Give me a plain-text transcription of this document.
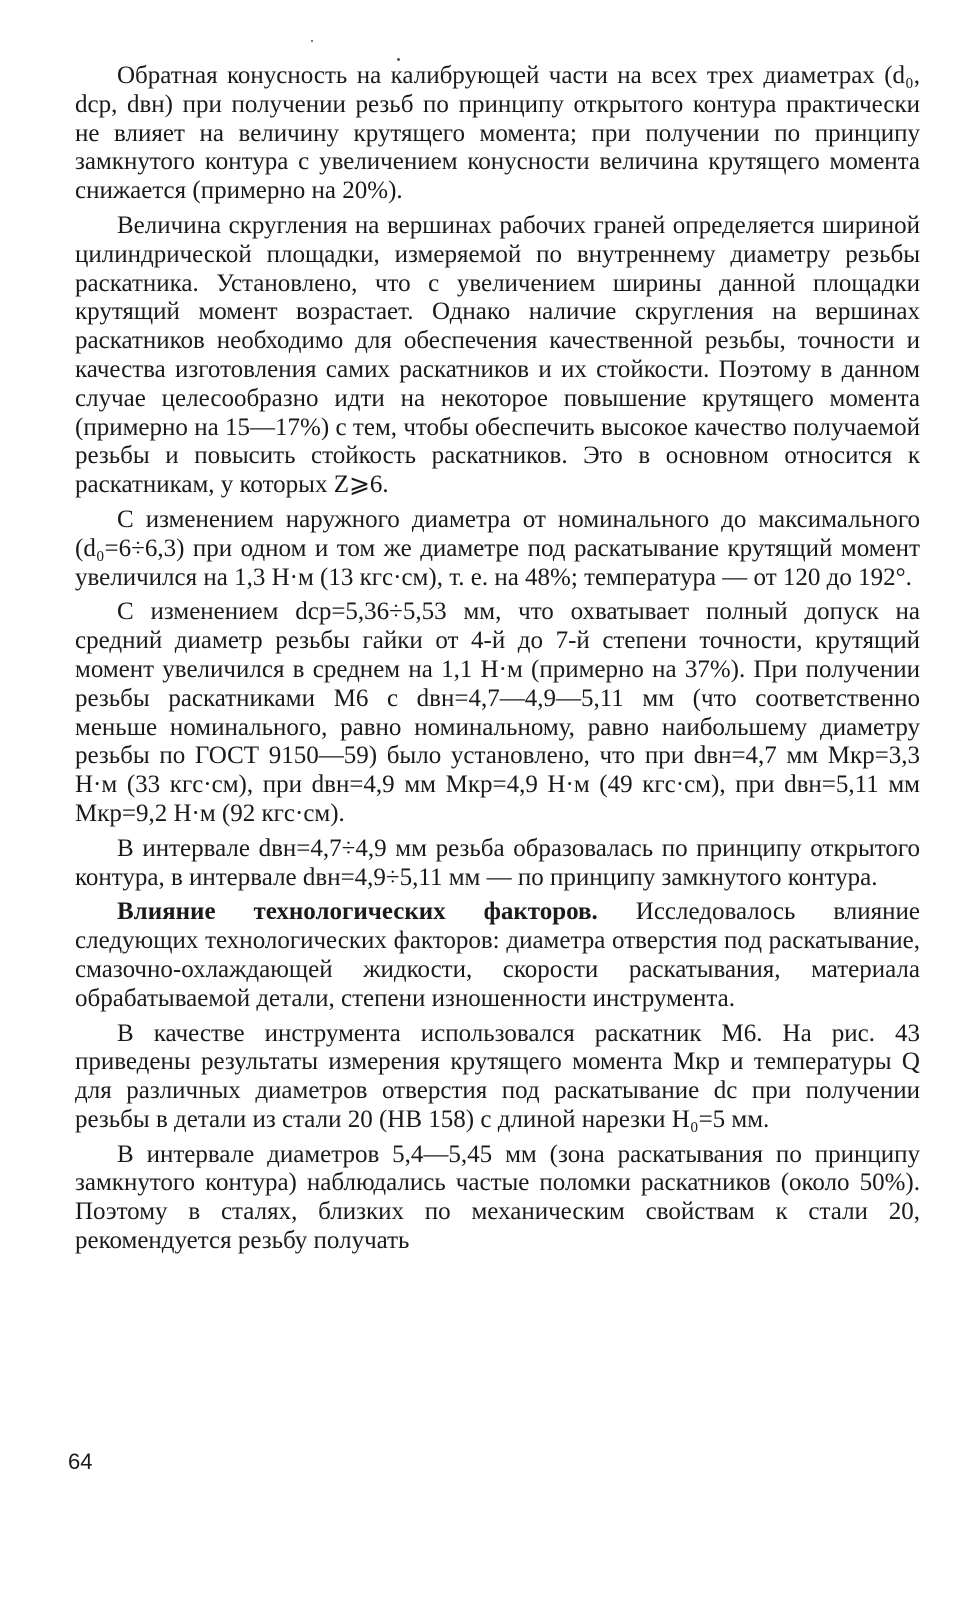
Обратная конусность на калибрующей части на всех трех диаметрах (d₀, dср, dвн) при получении резьб по принципу открытого контура практически не влияет на величину крутящего момента; при получении по принципу замкнутого контура с увеличением конусности величина крутящего момента снижается (примерно на 20%).

Величина скругления на вершинах рабочих граней определяется шириной цилиндрической площадки, измеряемой по внутреннему диаметру резьбы раскатника. Установлено, что с увеличением ширины данной площадки крутящий момент возрастает. Однако наличие скругления на вершинах раскатников необходимо для обеспечения качественной резьбы, точности и качества изготовления самих раскатников и их стойкости. Поэтому в данном случае целесообразно идти на некоторое повышение крутящего момента (примерно на 15—17%) с тем, чтобы обеспечить высокое качество получаемой резьбы и повысить стойкость раскатников. Это в основном относится к раскатникам, у которых Z⩾6.

С изменением наружного диаметра от номинального до максимального (d₀=6÷6,3) при одном и том же диаметре под раскатывание крутящий момент увеличился на 1,3 Н·м (13 кгс·см), т. е. на 48%; температура — от 120 до 192°.

С изменением dср=5,36÷5,53 мм, что охватывает полный допуск на средний диаметр резьбы гайки от 4-й до 7-й степени точности, крутящий момент увеличился в среднем на 1,1 Н·м (примерно на 37%). При получении резьбы раскатниками М6 с dвн=4,7—4,9—5,11 мм (что соответственно меньше номинального, равно номинальному, равно наибольшему диаметру резьбы по ГОСТ 9150—59) было установлено, что при dвн=4,7 мм Мкр=3,3 Н·м (33 кгс·см), при dвн=4,9 мм Мкр=4,9 Н·м (49 кгс·см), при dвн=5,11 мм Мкр=9,2 Н·м (92 кгс·см).

В интервале dвн=4,7÷4,9 мм резьба образовалась по принципу открытого контура, в интервале dвн=4,9÷5,11 мм — по принципу замкнутого контура.

Влияние технологических факторов. Исследовалось влияние следующих технологических факторов: диаметра отверстия под раскатывание, смазочно-охлаждающей жидкости, скорости раскатывания, материала обрабатываемой детали, степени изношенности инструмента.

В качестве инструмента использовался раскатник М6. На рис. 43 приведены результаты измерения крутящего момента Мкр и температуры Q для различных диаметров отверстия под раскатывание dc при получении резьбы в детали из стали 20 (НВ 158) с длиной нарезки H₀=5 мм.

В интервале диаметров 5,4—5,45 мм (зона раскатывания по принципу замкнутого контура) наблюдались частые поломки раскатников (около 50%). Поэтому в сталях, близких по механическим свойствам к стали 20, рекомендуется резьбу получать

64
